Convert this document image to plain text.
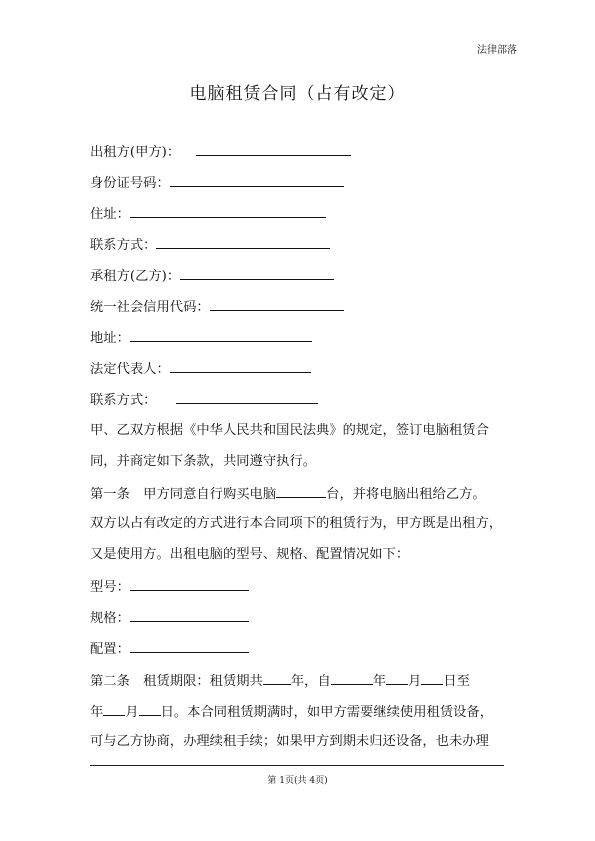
法律部落
电脑租赁合同（占有改定）
出租方(甲方)：
身份证号码：
住址：
联系方式：
承租方(乙方)：
统一社会信用代码：
地址：
法定代表人：
联系方式：
甲、乙双方根据《中华人民共和国民法典》的规定，签订电脑租赁合
同，并商定如下条款，共同遵守执行。
第一条　甲方同意自行购买电脑	台，并将电脑出租给乙方。
双方以占有改定的方式进行本合同项下的租赁行为，甲方既是出租方，
又是使用方。出租电脑的型号、规格、配置情况如下：
型号：
规格：
配置：
第二条　租赁期限：租赁期共 年，自	年 月 日至
年 月 日。本合同租赁期满时，如甲方需要继续使用租赁设备，
可与乙方协商，办理续租手续；如果甲方到期未归还设备，也未办理
第 1页(共 4页)
